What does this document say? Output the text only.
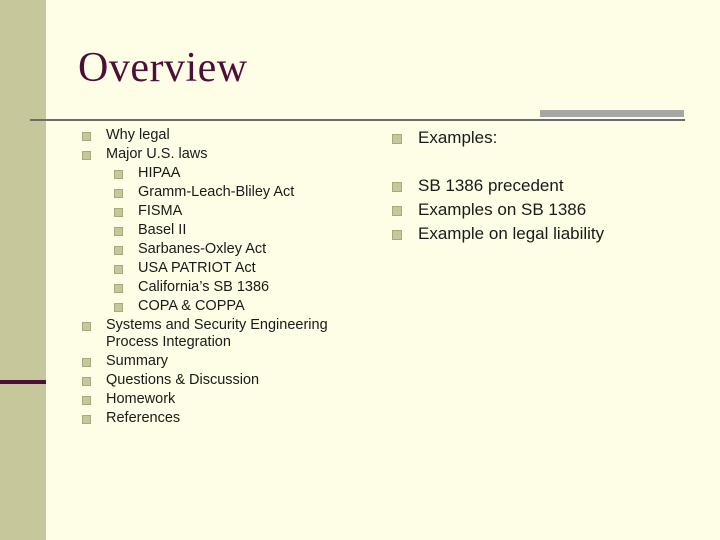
Overview
Why legal
Major U.S. laws
HIPAA
Gramm-Leach-Bliley Act
FISMA
Basel II
Sarbanes-Oxley Act
USA PATRIOT Act
California’s SB 1386
COPA & COPPA
Systems and Security Engineering Process Integration
Summary
Questions & Discussion
Homework
References
Examples:
SB 1386 precedent
Examples on SB 1386
Example on legal liability
